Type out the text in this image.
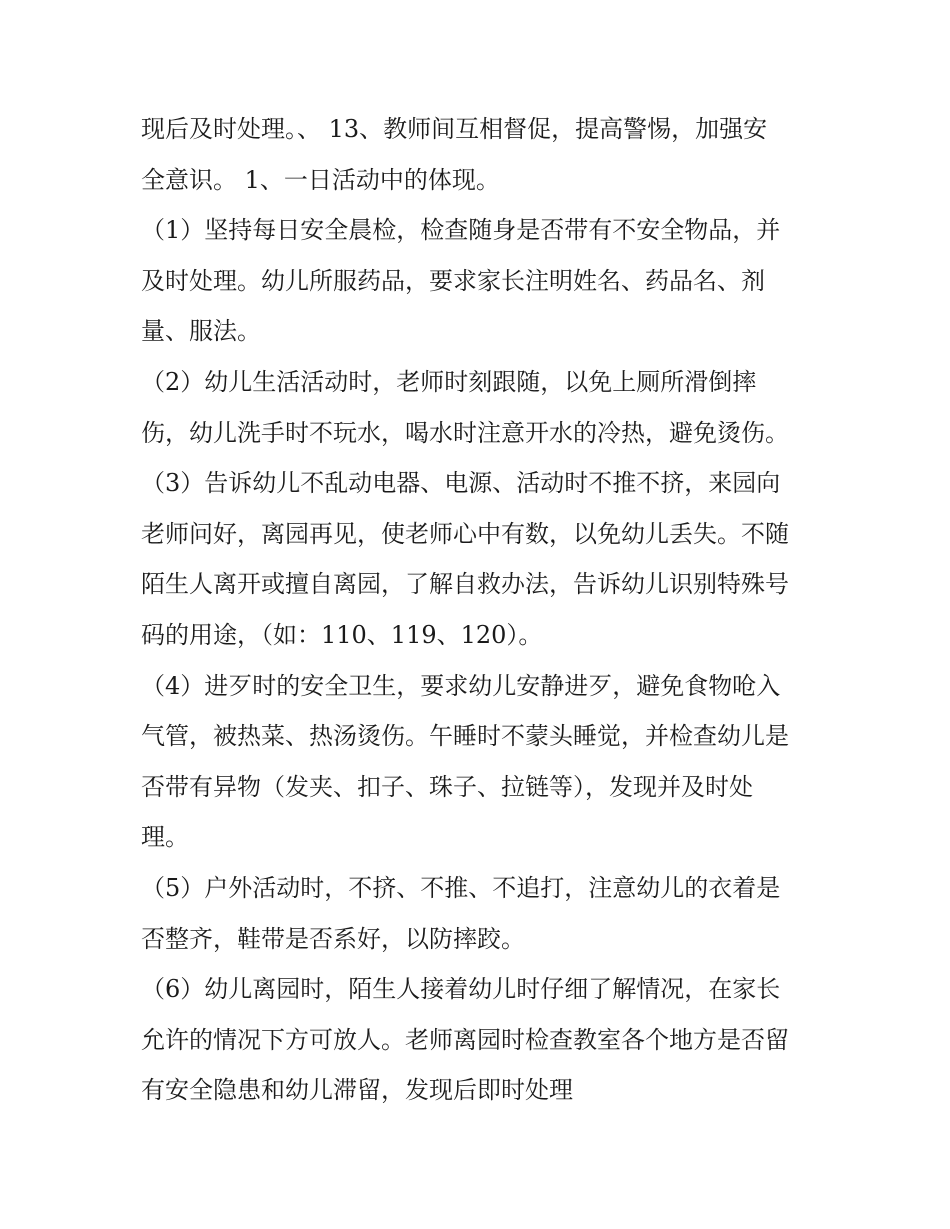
现后及时处理。、 13、教师间互相督促，提高警惕，加强安
全意识。 1、一日活动中的体现。
（1）坚持每日安全晨检，检查随身是否带有不安全物品，并
及时处理。幼儿所服药品，要求家长注明姓名、药品名、剂
量、服法。
（2）幼儿生活活动时，老师时刻跟随，以免上厕所滑倒摔
伤，幼儿洗手时不玩水，喝水时注意开水的冷热，避免烫伤。
（3）告诉幼儿不乱动电器、电源、活动时不推不挤，来园向
老师问好，离园再见，使老师心中有数，以免幼儿丢失。不随
陌生人离开或擅自离园，了解自救办法，告诉幼儿识别特殊号
码的用途，（如：110、119、120）。
（4）进歹时的安全卫生，要求幼儿安静进歹，避免食物呛入
气管，被热菜、热汤烫伤。午睡时不蒙头睡觉，并检查幼儿是
否带有异物（发夹、扣子、珠子、拉链等），发现并及时处
理。
（5）户外活动时，不挤、不推、不追打，注意幼儿的衣着是
否整齐，鞋带是否系好，以防摔跤。
（6）幼儿离园时，陌生人接着幼儿时仔细了解情况，在家长
允许的情况下方可放人。老师离园时检查教室各个地方是否留
有安全隐患和幼儿滞留，发现后即时处理
